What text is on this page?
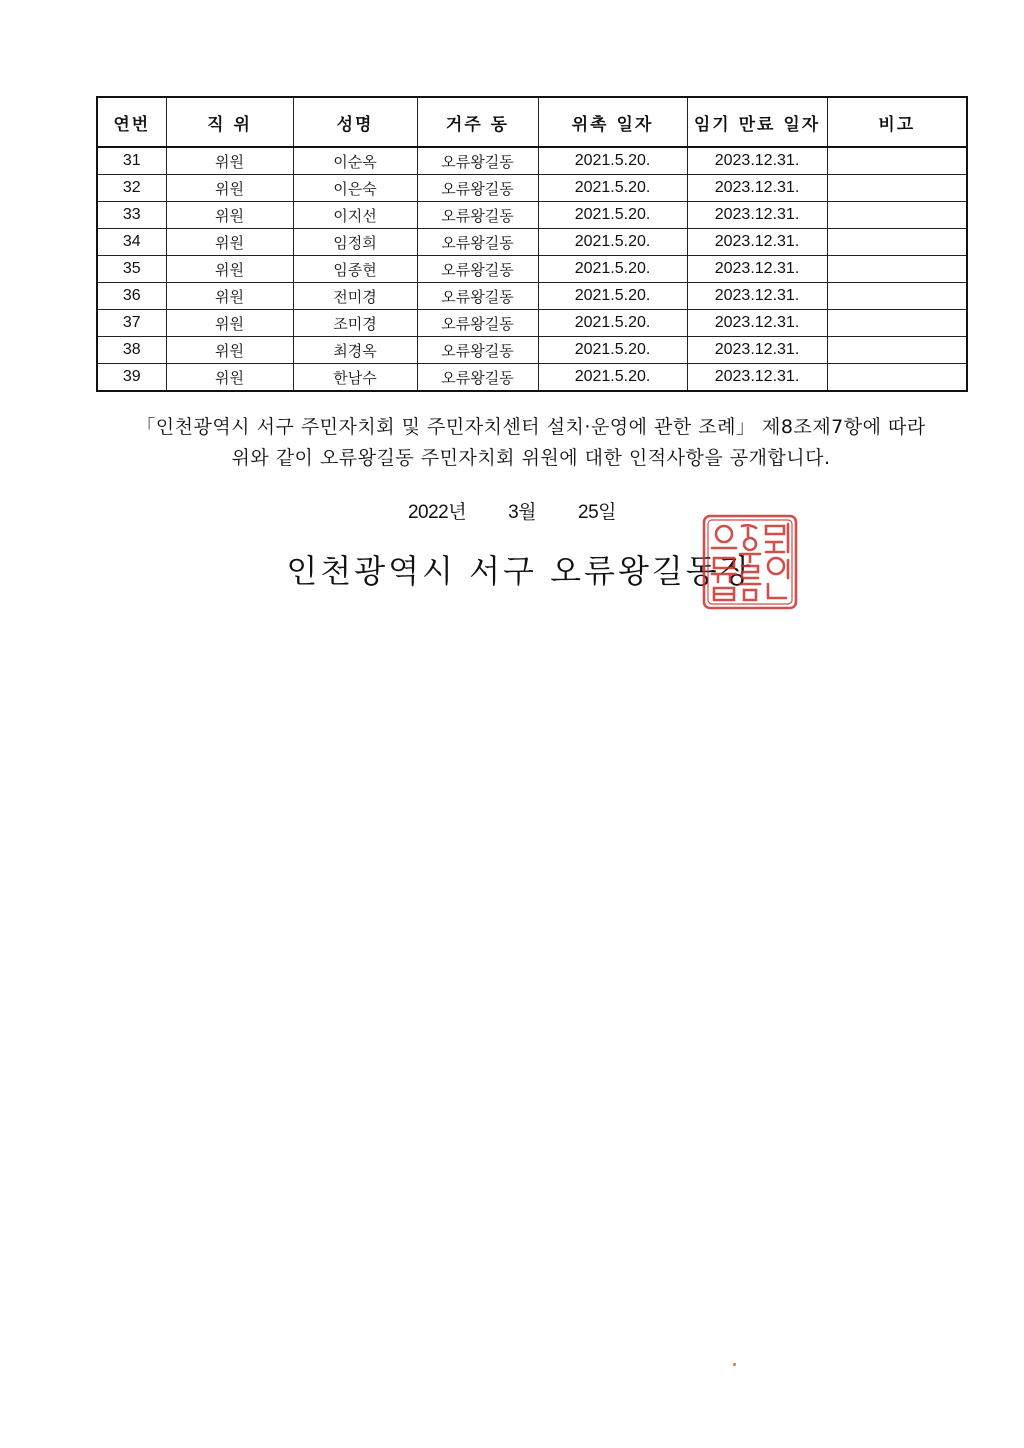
연번	직 위	성명	거주 동	위촉 일자	임기 만료 일자	비고
31	위원	이순옥	오류왕길동	2021.5.20.	2023.12.31.	
32	위원	이은숙	오류왕길동	2021.5.20.	2023.12.31.	
33	위원	이지선	오류왕길동	2021.5.20.	2023.12.31.	
34	위원	임정희	오류왕길동	2021.5.20.	2023.12.31.	
35	위원	임종현	오류왕길동	2021.5.20.	2023.12.31.	
36	위원	전미경	오류왕길동	2021.5.20.	2023.12.31.	
37	위원	조미경	오류왕길동	2021.5.20.	2023.12.31.	
38	위원	최경옥	오류왕길동	2021.5.20.	2023.12.31.	
39	위원	한남수	오류왕길동	2021.5.20.	2023.12.31.	
「인천광역시 서구 주민자치회 및 주민자치센터 설치·운영에 관한 조례」 제8조제7항에 따라
위와 같이 오류왕길동 주민자치회 위원에 대한 인적사항을 공개합니다.
2022년 3월 25일
인천광역시 서구 오류왕길동장
